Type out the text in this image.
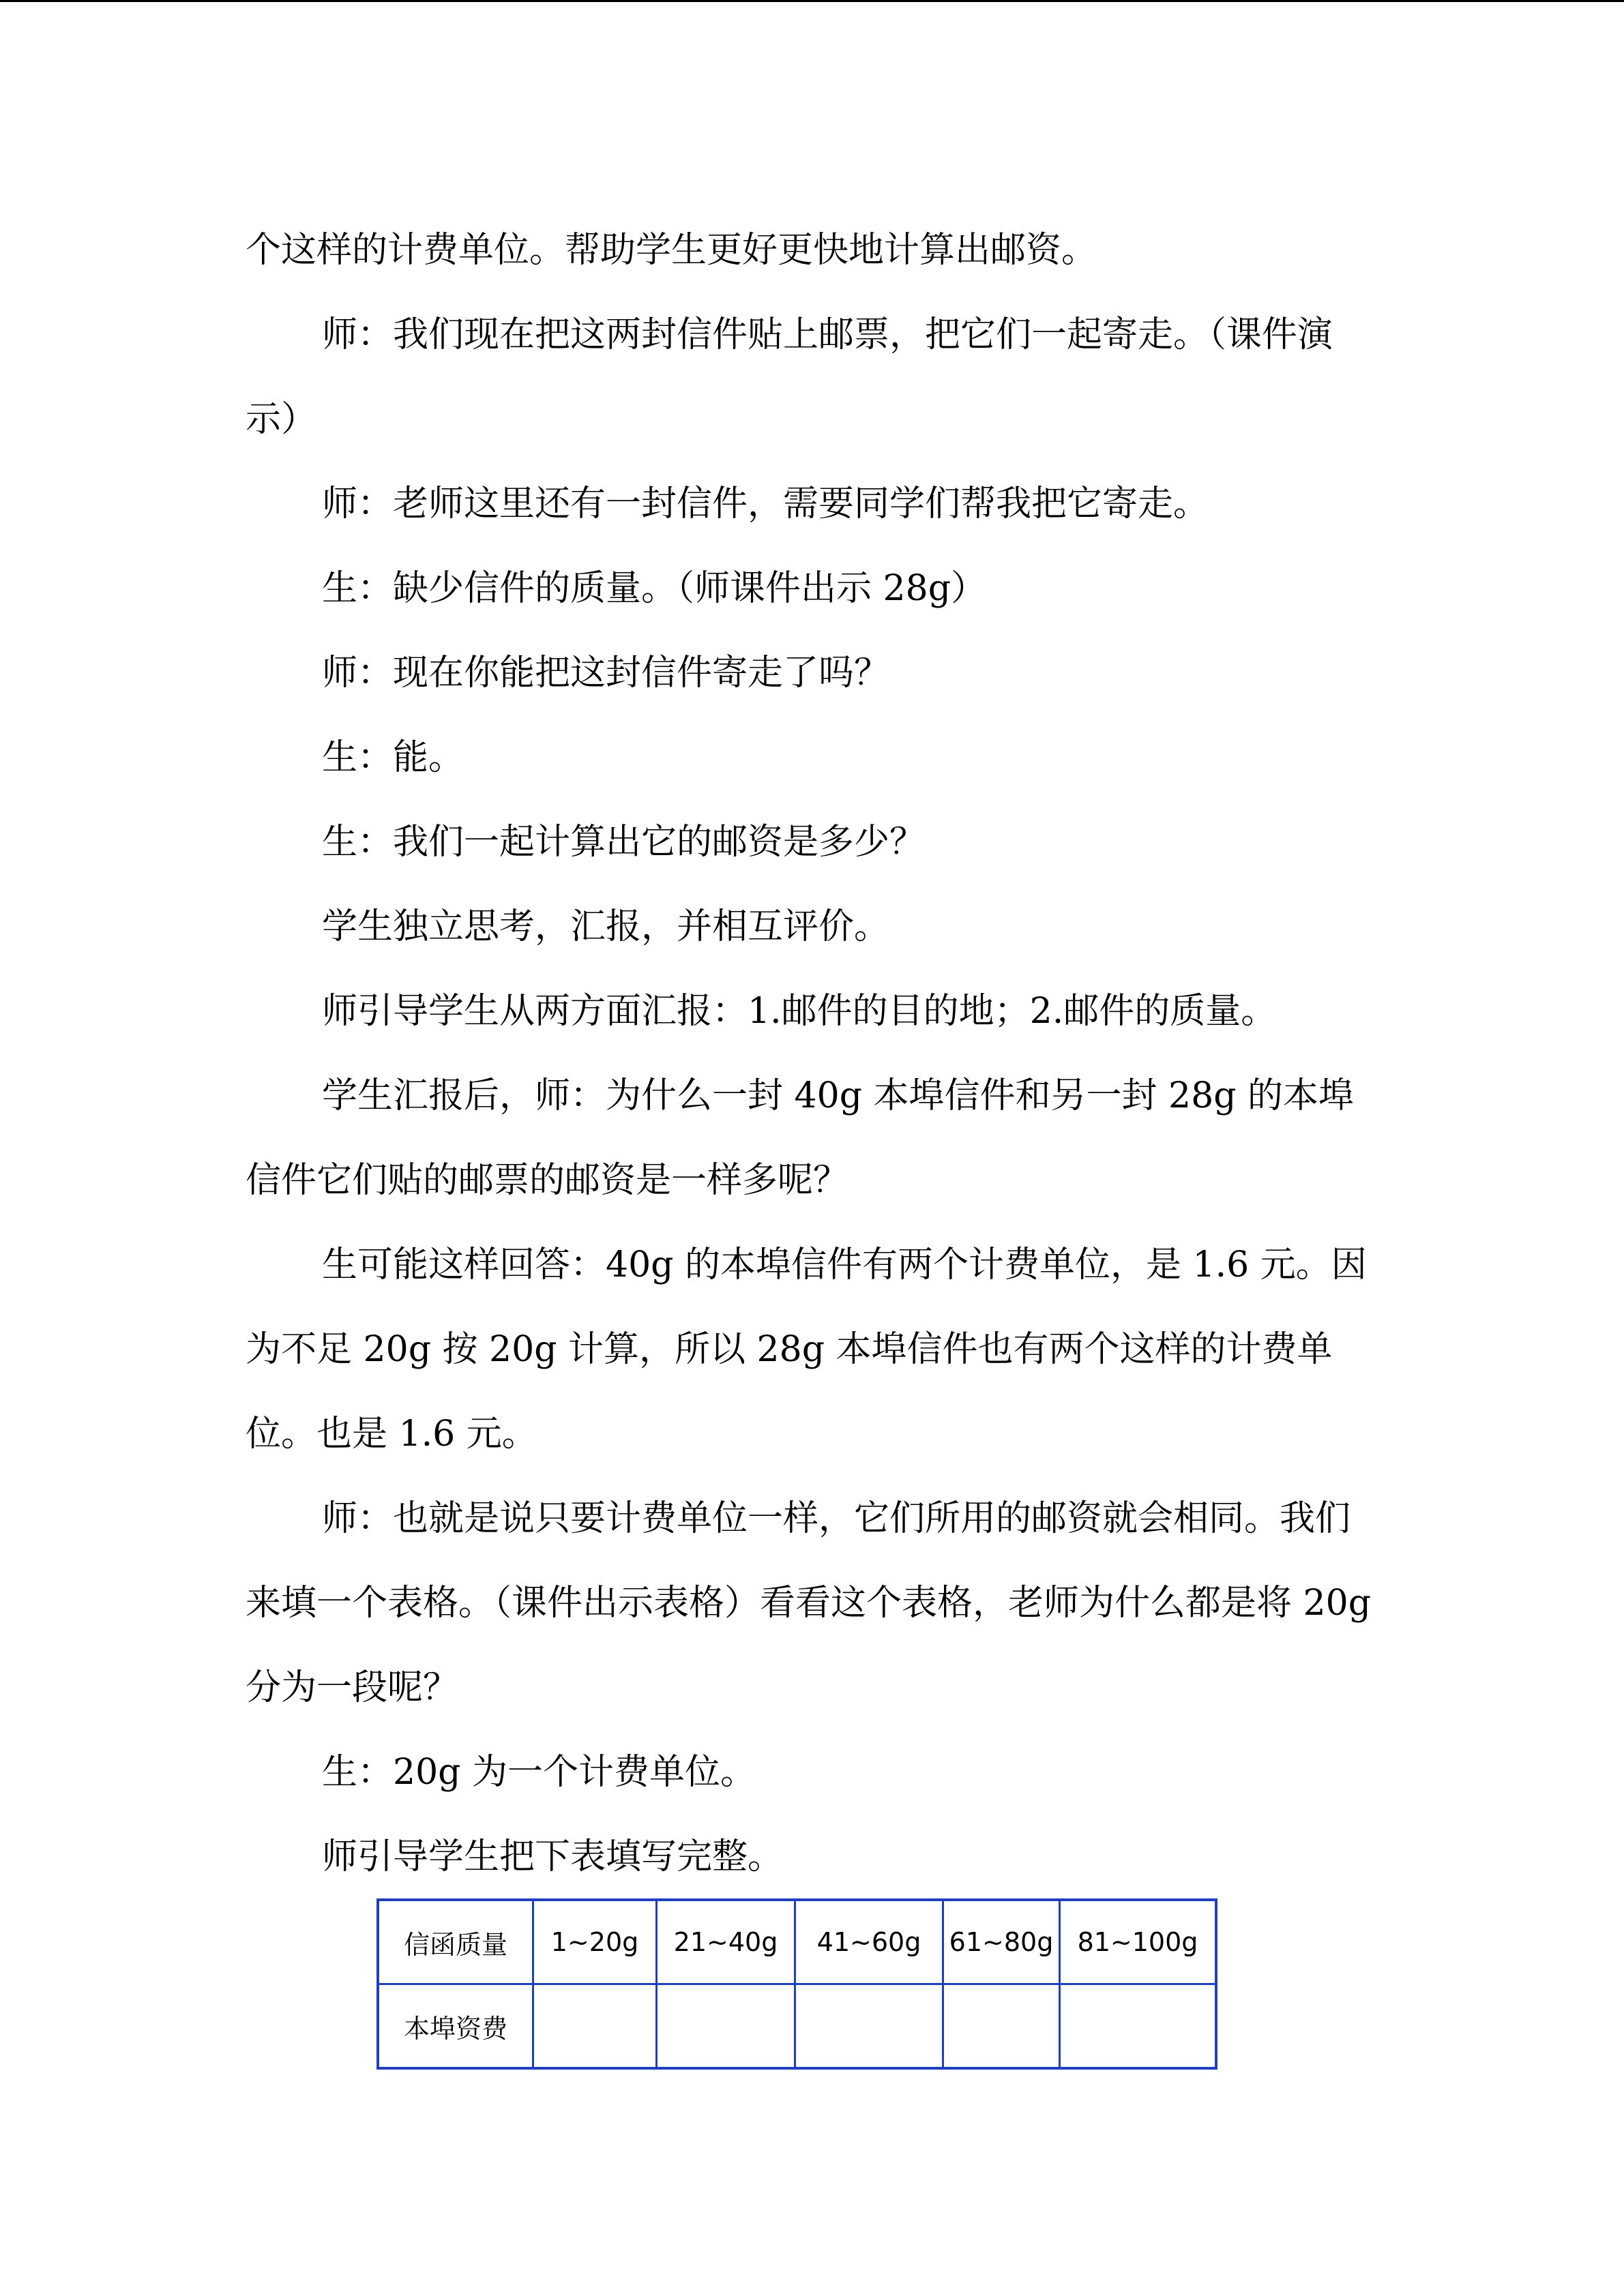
个这样的计费单位。帮助学生更好更快地计算出邮资。

师：我们现在把这两封信件贴上邮票，把它们一起寄走。（课件演示）

师：老师这里还有一封信件，需要同学们帮我把它寄走。

生：缺少信件的质量。（师课件出示 28g）

师：现在你能把这封信件寄走了吗？

生：能。

生：我们一起计算出它的邮资是多少？

学生独立思考，汇报，并相互评价。

师引导学生从两方面汇报：1.邮件的目的地；2.邮件的质量。

学生汇报后，师：为什么一封 40g 本埠信件和另一封 28g 的本埠信件它们贴的邮票的邮资是一样多呢？

生可能这样回答：40g 的本埠信件有两个计费单位，是 1.6 元。因为不足 20g 按 20g 计算，所以 28g 本埠信件也有两个这样的计费单位。也是 1.6 元。

师：也就是说只要计费单位一样，它们所用的邮资就会相同。我们来填一个表格。（课件出示表格）看看这个表格，老师为什么都是将 20g 分为一段呢？

生：20g 为一个计费单位。

师引导学生把下表填写完整。

信函质量	1~20g	21~40g	41~60g	61~80g	81~100g
本埠资费					
